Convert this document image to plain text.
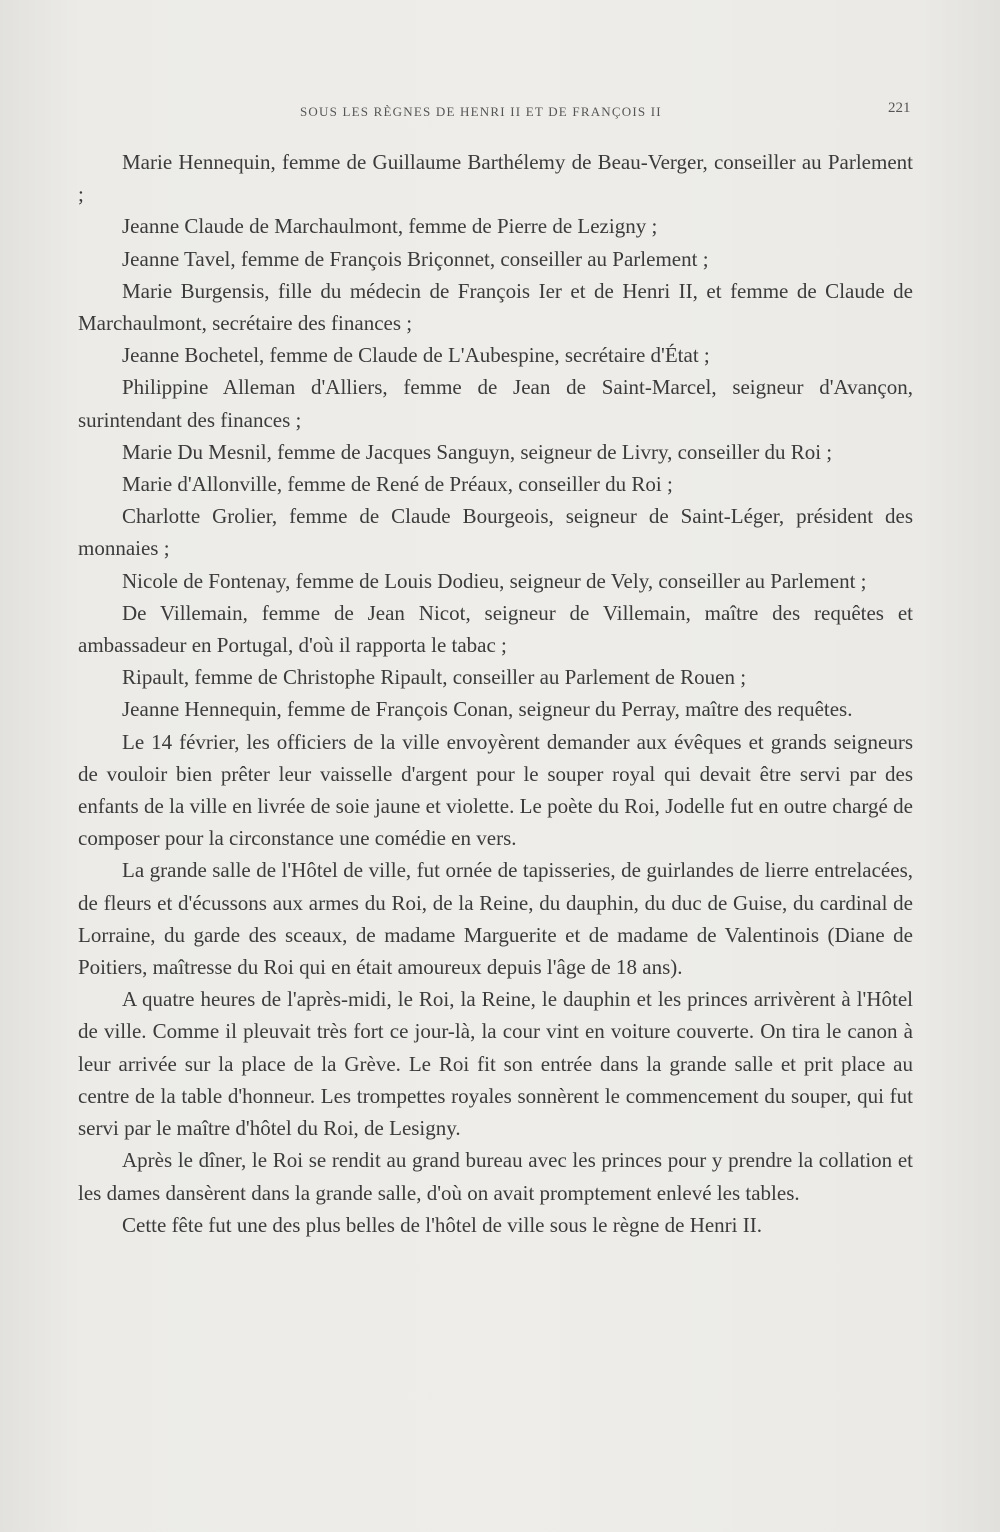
SOUS LES RÈGNES DE HENRI II ET DE FRANÇOIS II	221

Marie Hennequin, femme de Guillaume Barthélemy de Beau-Verger, conseiller au Parlement ;

Jeanne Claude de Marchaulmont, femme de Pierre de Lezigny ;

Jeanne Tavel, femme de François Briçonnet, conseiller au Parlement ;

Marie Burgensis, fille du médecin de François Ier et de Henri II, et femme de Claude de Marchaulmont, secrétaire des finances ;

Jeanne Bochetel, femme de Claude de L'Aubespine, secrétaire d'État ;

Philippine Alleman d'Alliers, femme de Jean de Saint-Marcel, seigneur d'Avançon, surintendant des finances ;

Marie Du Mesnil, femme de Jacques Sanguyn, seigneur de Livry, conseiller du Roi ;

Marie d'Allonville, femme de René de Préaux, conseiller du Roi ;

Charlotte Grolier, femme de Claude Bourgeois, seigneur de Saint-Léger, président des monnaies ;

Nicole de Fontenay, femme de Louis Dodieu, seigneur de Vely, conseiller au Parlement ;

De Villemain, femme de Jean Nicot, seigneur de Villemain, maître des requêtes et ambassadeur en Portugal, d'où il rapporta le tabac ;

Ripault, femme de Christophe Ripault, conseiller au Parlement de Rouen ;

Jeanne Hennequin, femme de François Conan, seigneur du Perray, maître des requêtes.

Le 14 février, les officiers de la ville envoyèrent demander aux évêques et grands seigneurs de vouloir bien prêter leur vaisselle d'argent pour le souper royal qui devait être servi par des enfants de la ville en livrée de soie jaune et violette. Le poète du Roi, Jodelle fut en outre chargé de composer pour la circonstance une comédie en vers.

La grande salle de l'Hôtel de ville, fut ornée de tapisseries, de guirlandes de lierre entrelacées, de fleurs et d'écussons aux armes du Roi, de la Reine, du dauphin, du duc de Guise, du cardinal de Lorraine, du garde des sceaux, de madame Marguerite et de madame de Valentinois (Diane de Poitiers, maîtresse du Roi qui en était amoureux depuis l'âge de 18 ans).

A quatre heures de l'après-midi, le Roi, la Reine, le dauphin et les princes arrivèrent à l'Hôtel de ville. Comme il pleuvait très fort ce jour-là, la cour vint en voiture couverte. On tira le canon à leur arrivée sur la place de la Grève. Le Roi fit son entrée dans la grande salle et prit place au centre de la table d'honneur. Les trompettes royales sonnèrent le commencement du souper, qui fut servi par le maître d'hôtel du Roi, de Lesigny.

Après le dîner, le Roi se rendit au grand bureau avec les princes pour y prendre la collation et les dames dansèrent dans la grande salle, d'où on avait promptement enlevé les tables.

Cette fête fut une des plus belles de l'hôtel de ville sous le règne de Henri II.
